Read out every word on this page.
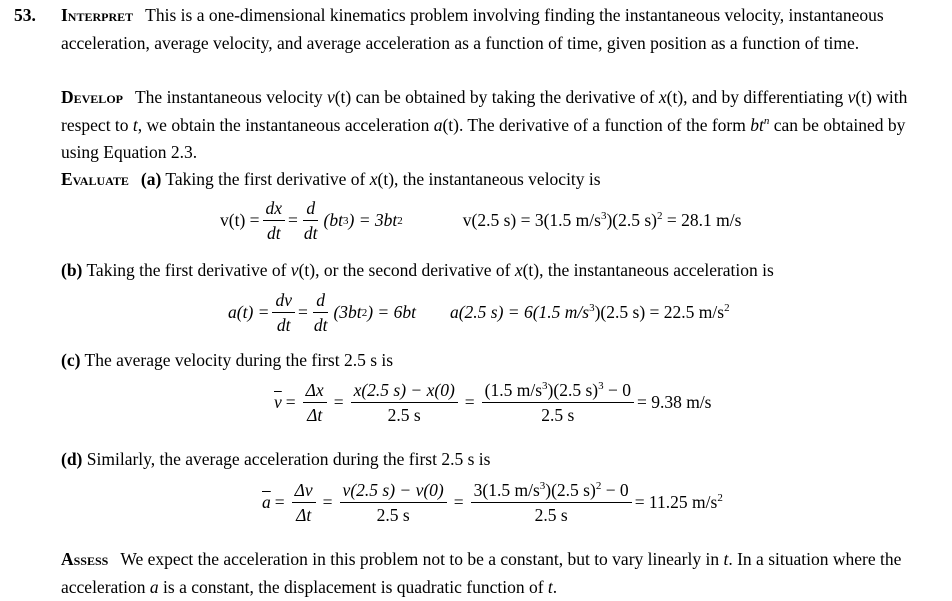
53. Interpret This is a one-dimensional kinematics problem involving finding the instantaneous velocity, instantaneous acceleration, average velocity, and average acceleration as a function of time, given position as a function of time.
Develop The instantaneous velocity v(t) can be obtained by taking the derivative of x(t), and by differentiating v(t) with respect to t, we obtain the instantaneous acceleration a(t). The derivative of a function of the form $bt^n$ can be obtained by using Equation 2.3.
Evaluate (a) Taking the first derivative of x(t), the instantaneous velocity is
$v(t) = \frac{dx}{dt} = \frac{d}{dt} (bt$ 3 ) = 3bt 2	v(2.5 s) = 3(1.5 $m/s^3)(2.5$ s)$^2$ = 28.1 m/s
(b) Taking the first derivative of v(t), or the second derivative of x(t), the instantaneous acceleration is
$a(t) = \frac{dv}{dt} = \frac{d}{dt} (3bt$ 2 ) = 6bt a(2.5 s) = 6(1.5 $m/s^3)(2.5$ s) = 22.5 $m/s^2$
(c) The average velocity during the first 2.5 s is
$\overline{v} = \frac{\Delta x}{\Delta t} = \frac{x(2.5 s) - x(0)}{2.5 s} = \frac{(1.5 m/s^3)(2.5 s)^3 - 0}{2.5 s} = 9.38$ m/s
(d) Similarly, the average acceleration during the first 2.5 s is
$\overline{a} = \frac{\Delta v}{\Delta t} = \frac{v(2.5 s) - v(0)}{2.5 s} = \frac{3(1.5 m/s^3)(2.5 s)^2 - 0}{2.5 s} = 11.25$ $m/s^2$
Assess We expect the acceleration in this problem not to be a constant, but to vary linearly in t. In a situation where the acceleration a is a constant, the displacement is quadratic function of t.
